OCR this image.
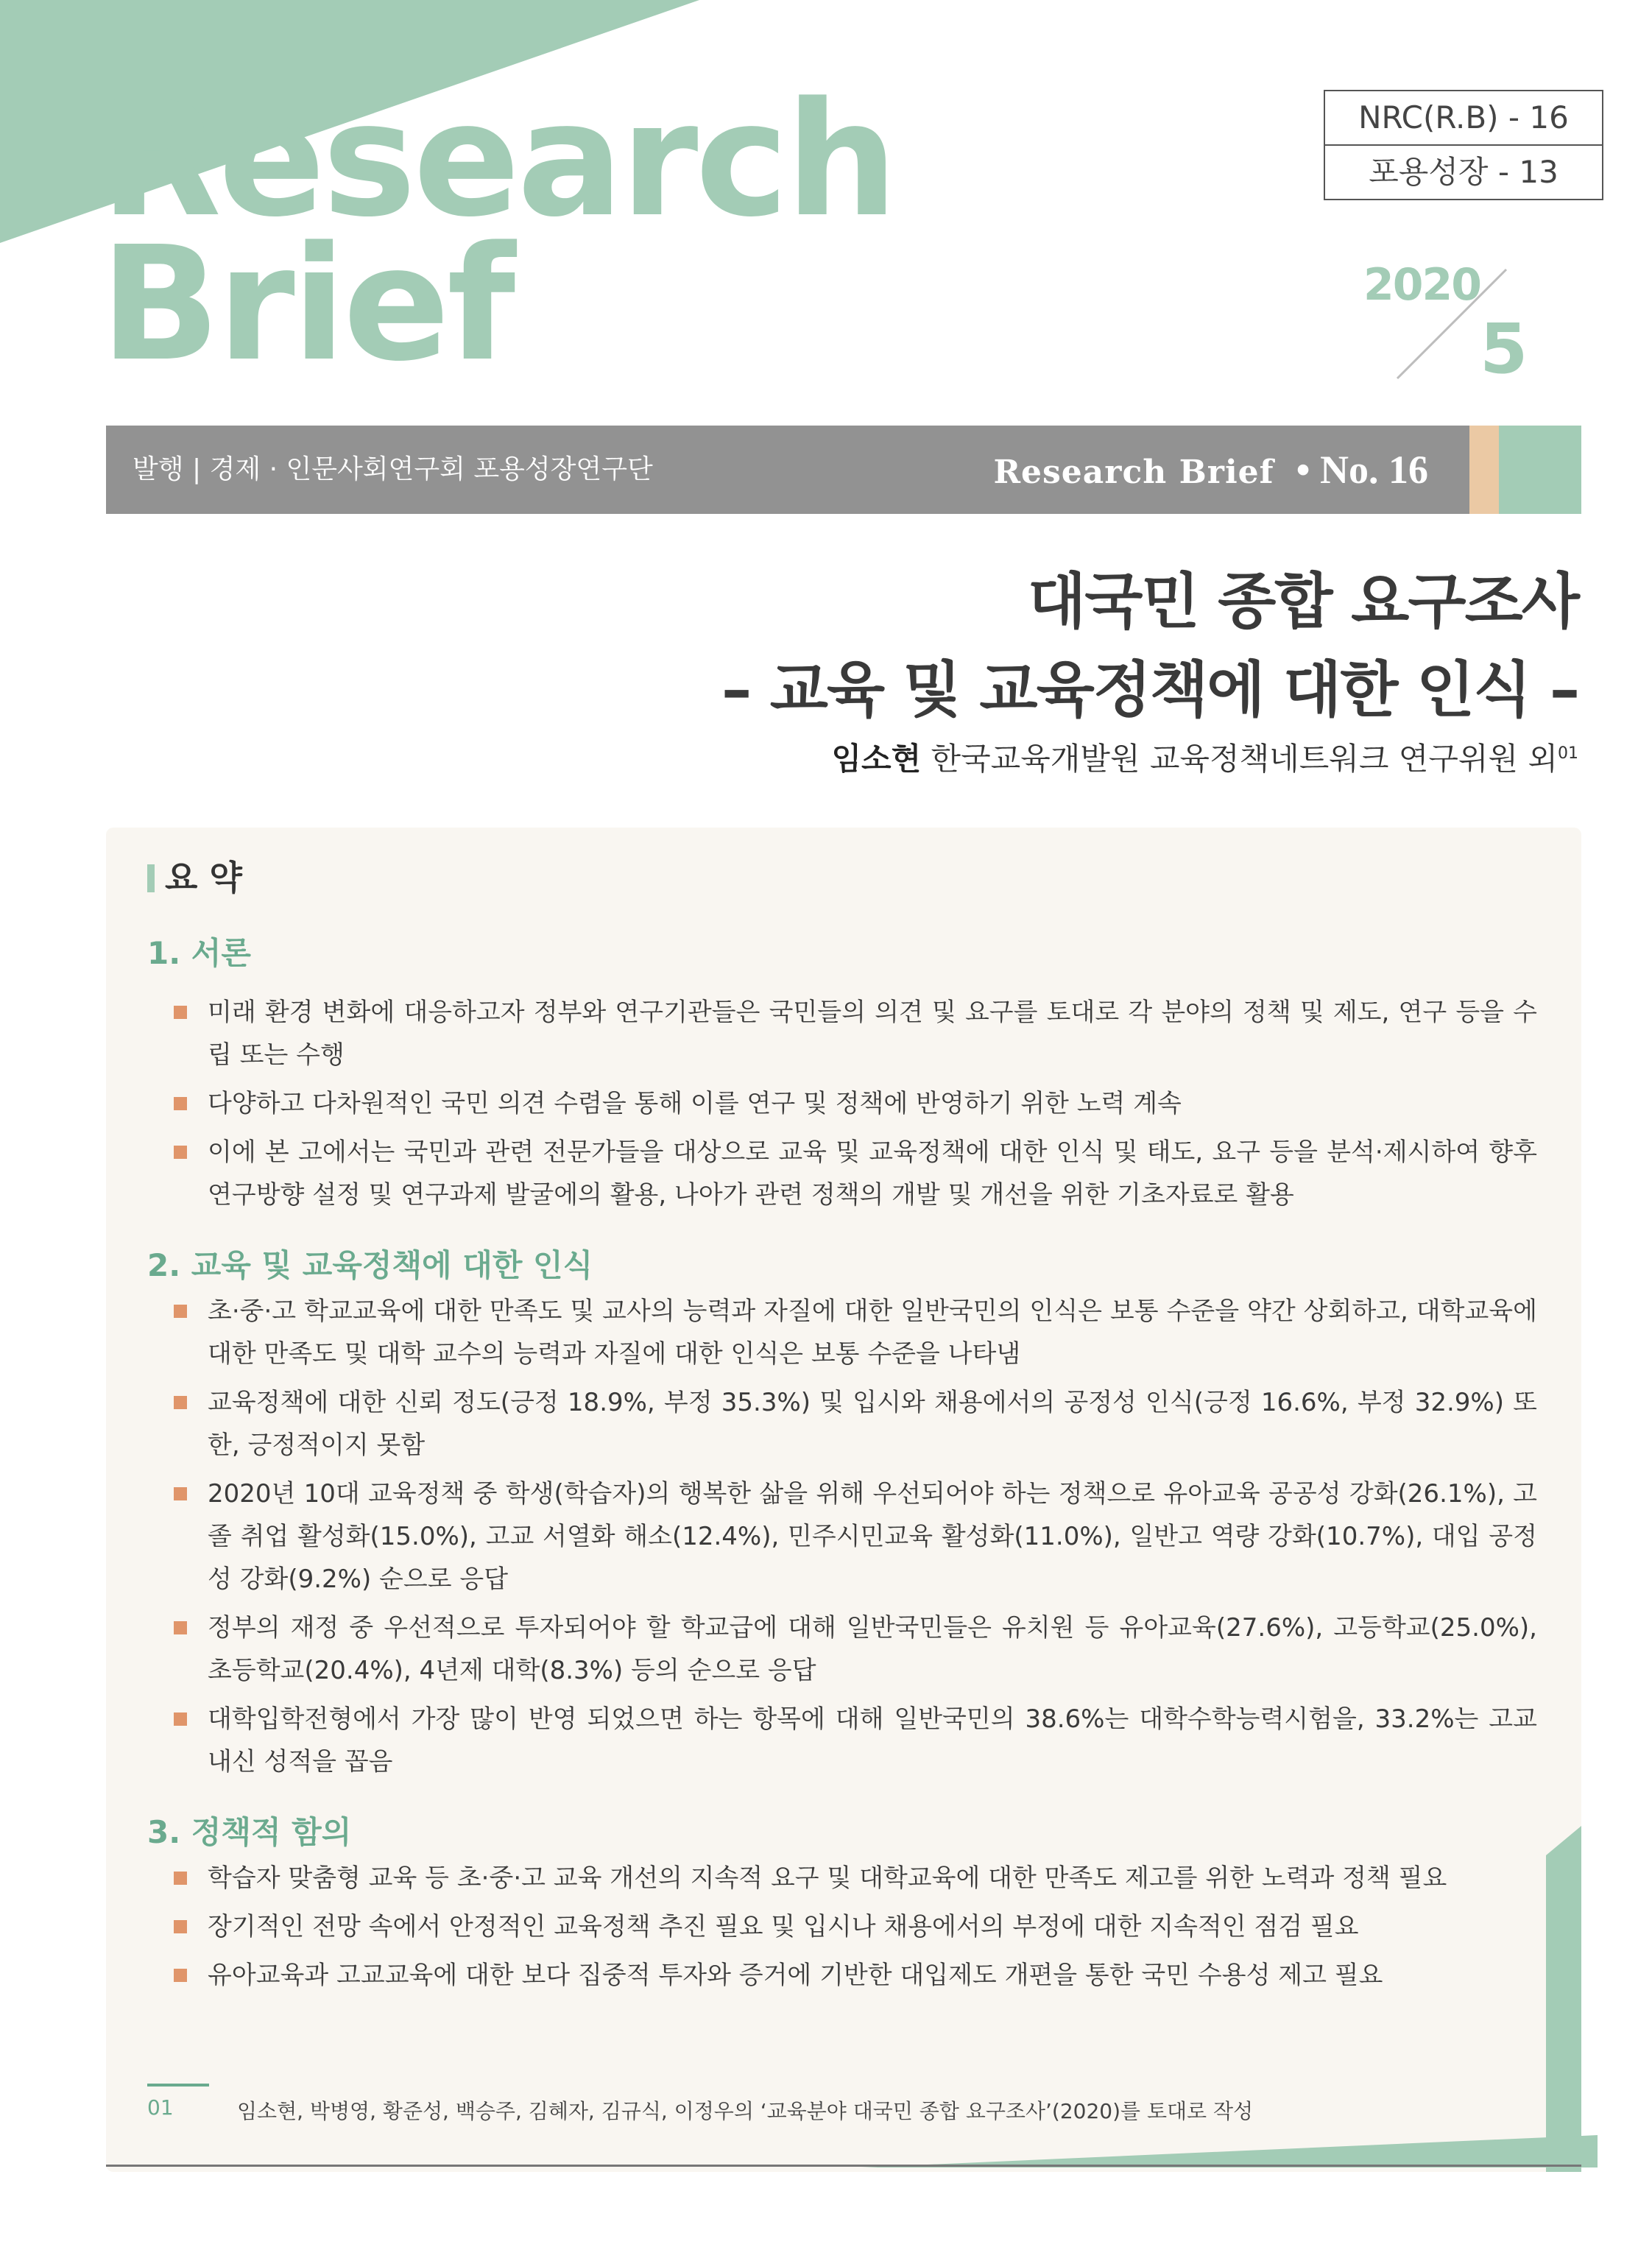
Research
Brief
NRC(R.B) - 16
포용성장 - 13
2020
5
발행 | 경제 · 인문사회연구회 포용성장연구단	Research Brief • No. 16
대국민 종합 요구조사
– 교육 및 교육정책에 대한 인식 –
임소현 한국교육개발원 교육정책네트워크 연구위원 외$^{01}$
요 약
1. 서론
미래 환경 변화에 대응하고자 정부와 연구기관들은 국민들의 의견 및 요구를 토대로 각 분야의 정책 및 제도, 연구 등을 수립 또는 수행
다양하고 다차원적인 국민 의견 수렴을 통해 이를 연구 및 정책에 반영하기 위한 노력 계속
이에 본 고에서는 국민과 관련 전문가들을 대상으로 교육 및 교육정책에 대한 인식 및 태도, 요구 등을 분석·제시하여 향후 연구방향 설정 및 연구과제 발굴에의 활용, 나아가 관련 정책의 개발 및 개선을 위한 기초자료로 활용
2. 교육 및 교육정책에 대한 인식
초·중·고 학교교육에 대한 만족도 및 교사의 능력과 자질에 대한 일반국민의 인식은 보통 수준을 약간 상회하고, 대학교육에 대한 만족도 및 대학 교수의 능력과 자질에 대한 인식은 보통 수준을 나타냄
교육정책에 대한 신뢰 정도(긍정 18.9%, 부정 35.3%) 및 입시와 채용에서의 공정성 인식(긍정 16.6%, 부정 32.9%) 또한, 긍정적이지 못함
2020년 10대 교육정책 중 학생(학습자)의 행복한 삶을 위해 우선되어야 하는 정책으로 유아교육 공공성 강화(26.1%), 고졸 취업 활성화(15.0%), 고교 서열화 해소(12.4%), 민주시민교육 활성화(11.0%), 일반고 역량 강화(10.7%), 대입 공정성 강화(9.2%) 순으로 응답
정부의 재정 중 우선적으로 투자되어야 할 학교급에 대해 일반국민들은 유치원 등 유아교육(27.6%), 고등학교(25.0%), 초등학교(20.4%), 4년제 대학(8.3%) 등의 순으로 응답
대학입학전형에서 가장 많이 반영 되었으면 하는 항목에 대해 일반국민의 38.6%는 대학수학능력시험을, 33.2%는 고교 내신 성적을 꼽음
3. 정책적 함의
학습자 맞춤형 교육 등 초·중·고 교육 개선의 지속적 요구 및 대학교육에 대한 만족도 제고를 위한 노력과 정책 필요
장기적인 전망 속에서 안정적인 교육정책 추진 필요 및 입시나 채용에서의 부정에 대한 지속적인 점검 필요
유아교육과 고교교육에 대한 보다 집중적 투자와 증거에 기반한 대입제도 개편을 통한 국민 수용성 제고 필요
01	임소현, 박병영, 황준성, 백승주, 김혜자, 김규식, 이정우의 ‘교육분야 대국민 종합 요구조사’(2020)를 토대로 작성
